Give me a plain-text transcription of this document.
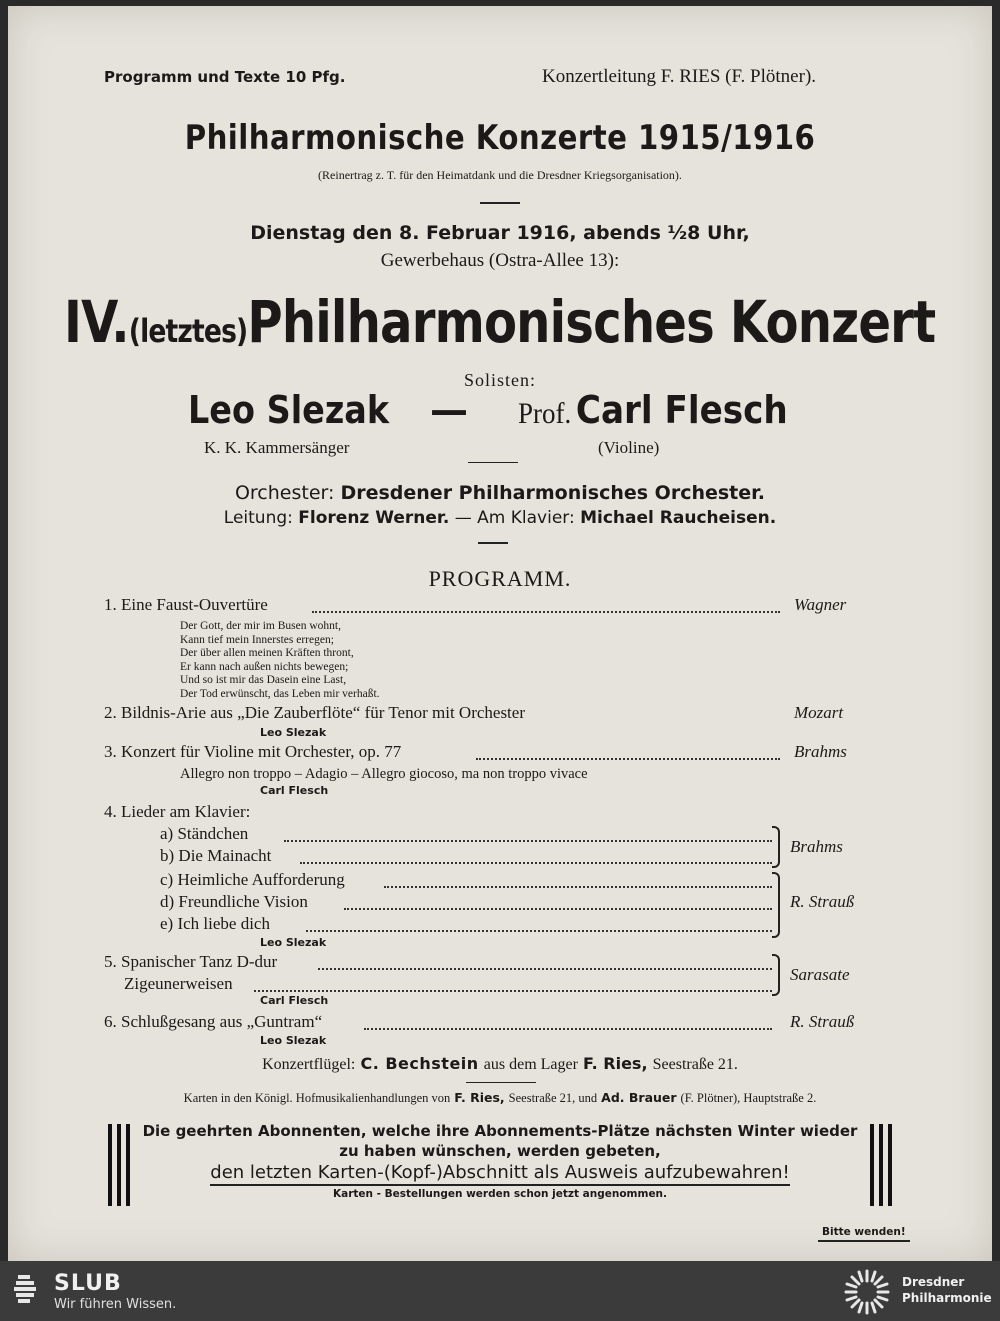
Programm und Texte 10 Pfg.	Konzertleitung F. RIES (F. Plötner).
Philharmonische Konzerte 1915/1916
(Reinertrag z. T. für den Heimatdank und die Dresdner Kriegsorganisation).
Dienstag den 8. Februar 1916, abends ½8 Uhr,
Gewerbehaus (Ostra-Allee 13):
IV.(letztes)Philharmonisches Konzert
Solisten:
Leo Slezak — Prof. Carl Flesch
K. K. Kammersänger	(Violine)
Orchester: Dresdener Philharmonisches Orchester.
Leitung: Florenz Werner. — Am Klavier: Michael Raucheisen.
PROGRAMM.
1. Eine Faust-Ouvertüre	Wagner
Der Gott, der mir im Busen wohnt,
Kann tief mein Innerstes erregen;
Der über allen meinen Kräften thront,
Er kann nach außen nichts bewegen;
Und so ist mir das Dasein eine Last,
Der Tod erwünscht, das Leben mir verhaßt.
2. Bildnis-Arie aus „Die Zauberflöte“ für Tenor mit Orchester	Mozart
Leo Slezak
3. Konzert für Violine mit Orchester, op. 77	Brahms
Allegro non troppo – Adagio – Allegro giocoso, ma non troppo vivace
Carl Flesch
4. Lieder am Klavier:
a) Ständchen
b) Die Mainacht	Brahms
c) Heimliche Aufforderung
d) Freundliche Vision
e) Ich liebe dich
R. Strauß
Leo Slezak
5. Spanischer Tanz D-dur
Zigeunerweisen	Sarasate
Carl Flesch
6. Schlußgesang aus „Guntram“	R. Strauß
Leo Slezak
Konzertflügel: C. Bechstein aus dem Lager F. Ries, Seestraße 21.
Karten in den Königl. Hofmusikalienhandlungen von F. Ries, Seestraße 21, und Ad. Brauer (F. Plötner), Hauptstraße 2.
Die geehrten Abonnenten, welche ihre Abonnements-Plätze nächsten Winter wieder
zu haben wünschen, werden gebeten,
den letzten Karten-(Kopf-)Abschnitt als Ausweis aufzubewahren!
Karten - Bestellungen werden schon jetzt angenommen.
Bitte wenden!
SLUB
Wir führen Wissen.
Dresdner
Philharmonie
